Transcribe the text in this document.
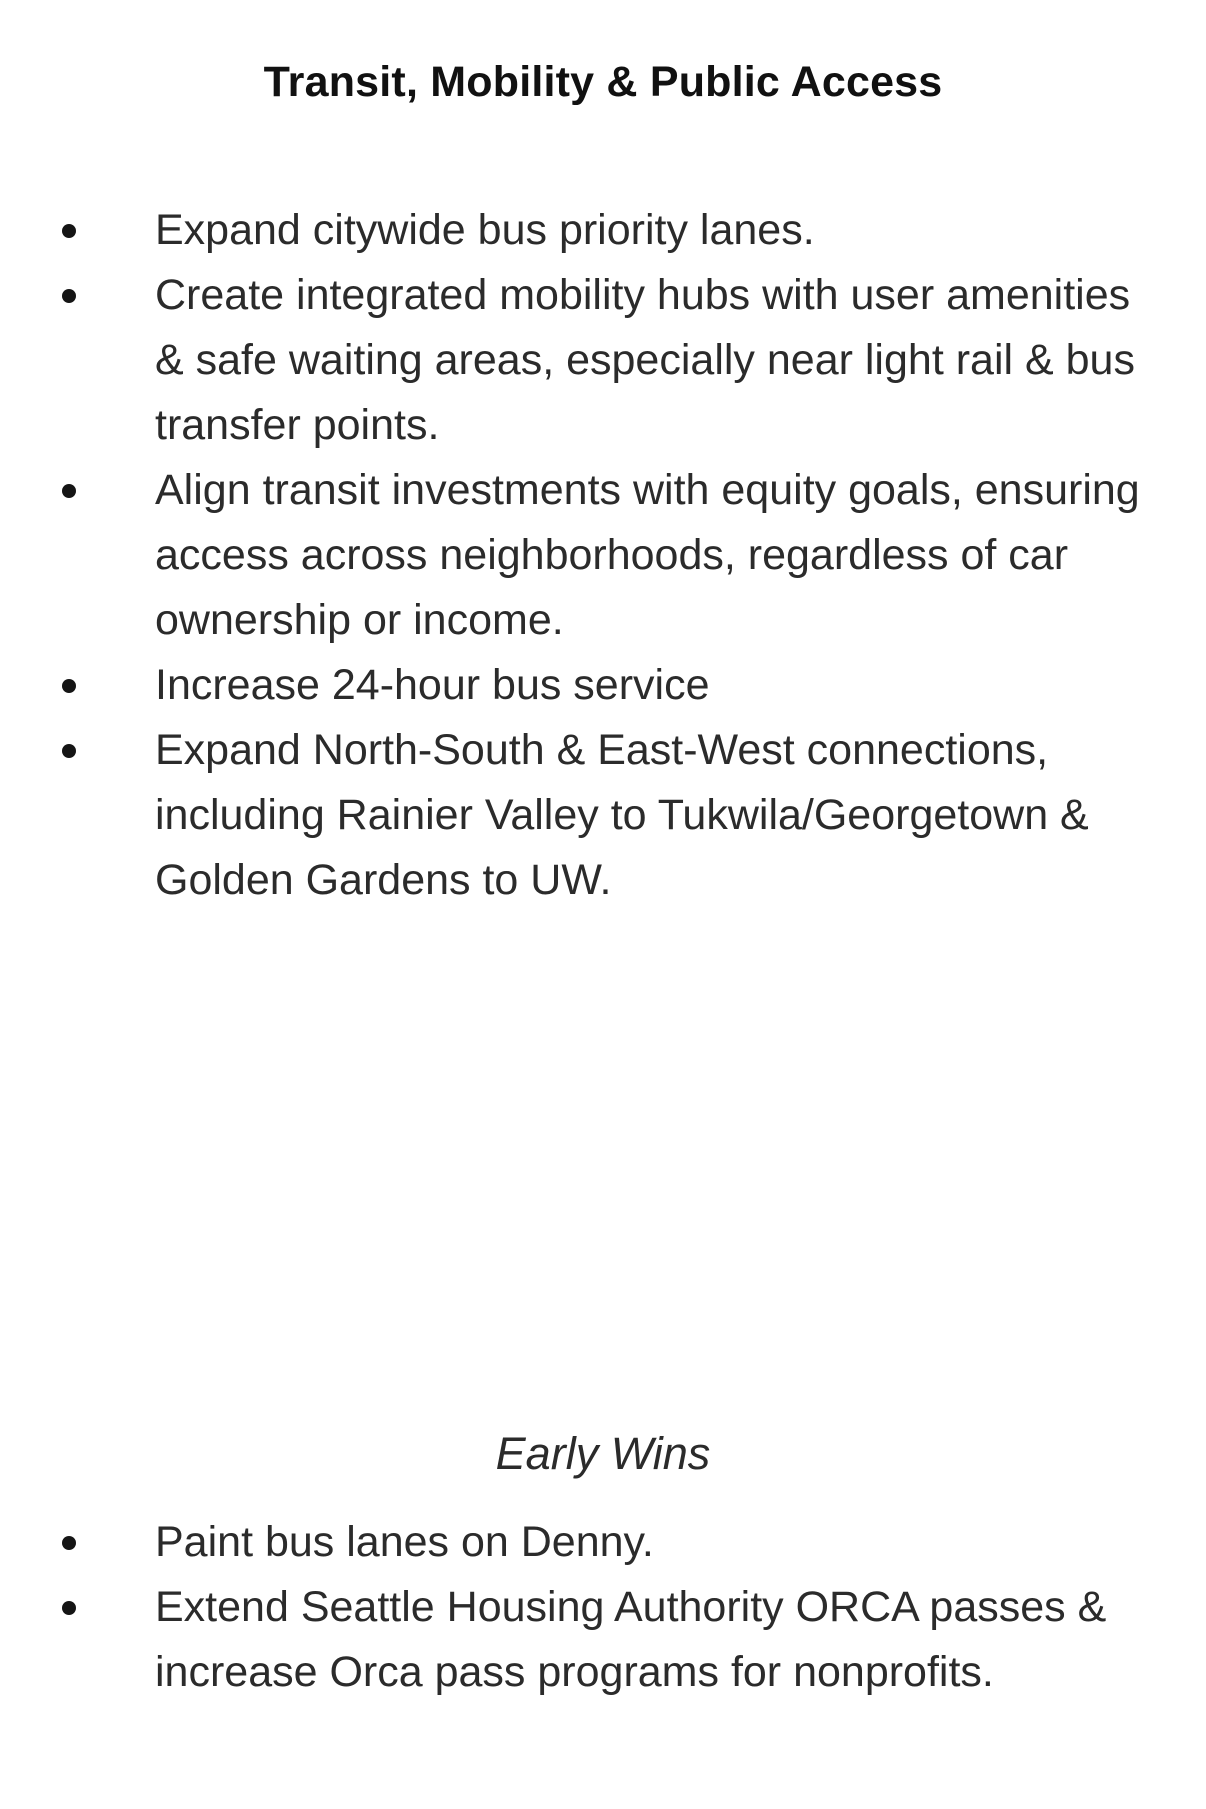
Transit, Mobility & Public Access
Expand citywide bus priority lanes.
Create integrated mobility hubs with user amenities & safe waiting areas, especially near light rail & bus transfer points.
Align transit investments with equity goals, ensuring access across neighborhoods, regardless of car ownership or income.
Increase 24-hour bus service
Expand North-South & East-West connections, including Rainier Valley to Tukwila/Georgetown & Golden Gardens to UW.
Early Wins
Paint bus lanes on Denny.
Extend Seattle Housing Authority ORCA passes & increase Orca pass programs for nonprofits.
